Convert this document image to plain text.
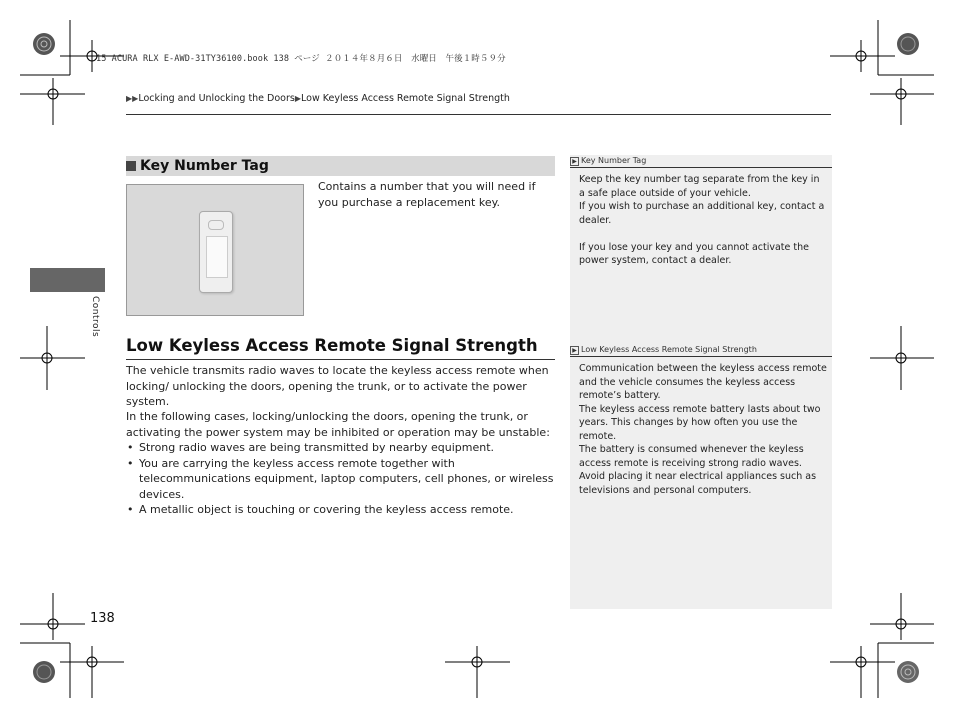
15 ACURA RLX E-AWD-31TY36100.book 138 ページ ２０１４年８月６日　水曜日　午後１時５９分
▶▶Locking and Unlocking the Doors▶Low Keyless Access Remote Signal Strength
Controls
Key Number Tag
Contains a number that you will need if you purchase a replacement key.
Low Keyless Access Remote Signal Strength
The vehicle transmits radio waves to locate the keyless access remote when locking/ unlocking the doors, opening the trunk, or to activate the power system.
In the following cases, locking/unlocking the doors, opening the trunk, or activating the power system may be inhibited or operation may be unstable:
• Strong radio waves are being transmitted by nearby equipment.
• You are carrying the keyless access remote together with telecommunications equipment, laptop computers, cell phones, or wireless devices.
• A metallic object is touching or covering the keyless access remote.
▶ Key Number Tag

Keep the key number tag separate from the key in a safe place outside of your vehicle.

If you wish to purchase an additional key, contact a dealer.

If you lose your key and you cannot activate the power system, contact a dealer.

▶ Low Keyless Access Remote Signal Strength

Communication between the keyless access remote and the vehicle consumes the keyless access remote’s battery.

The keyless access remote battery lasts about two years. This changes by how often you use the remote.

The battery is consumed whenever the keyless access remote is receiving strong radio waves. Avoid placing it near electrical appliances such as televisions and personal computers.

138
